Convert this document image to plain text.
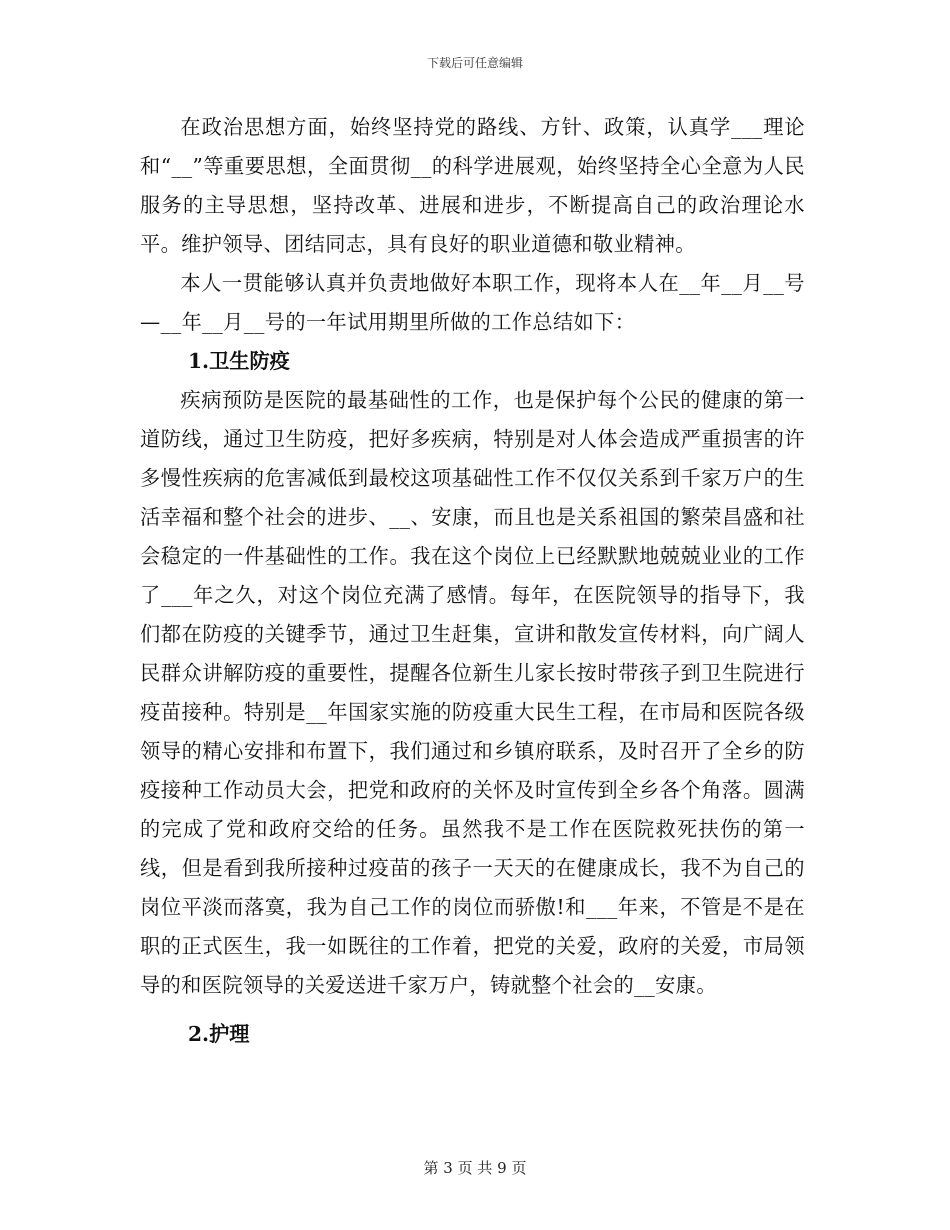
下载后可任意编辑

在政治思想方面，始终坚持党的路线、方针、政策，认真学___理论和“__”等重要思想，全面贯彻__的科学进展观，始终坚持全心全意为人民服务的主导思想，坚持改革、进展和进步，不断提高自己的政治理论水平。维护领导、团结同志，具有良好的职业道德和敬业精神。

本人一贯能够认真并负责地做好本职工作，现将本人在__年__月__号—__年__月__号的一年试用期里所做的工作总结如下：

1.卫生防疫

疾病预防是医院的最基础性的工作，也是保护每个公民的健康的第一道防线，通过卫生防疫，把好多疾病，特别是对人体会造成严重损害的许多慢性疾病的危害减低到最校这项基础性工作不仅仅关系到千家万户的生活幸福和整个社会的进步、__、安康，而且也是关系祖国的繁荣昌盛和社会稳定的一件基础性的工作。我在这个岗位上已经默默地兢兢业业的工作了___年之久，对这个岗位充满了感情。每年，在医院领导的指导下，我们都在防疫的关键季节，通过卫生赶集，宣讲和散发宣传材料，向广阔人民群众讲解防疫的重要性，提醒各位新生儿家长按时带孩子到卫生院进行疫苗接种。特别是__年国家实施的防疫重大民生工程，在市局和医院各级领导的精心安排和布置下，我们通过和乡镇府联系，及时召开了全乡的防疫接种工作动员大会，把党和政府的关怀及时宣传到全乡各个角落。圆满的完成了党和政府交给的任务。虽然我不是工作在医院救死扶伤的第一线，但是看到我所接种过疫苗的孩子一天天的在健康成长，我不为自己的岗位平淡而落寞，我为自己工作的岗位而骄傲!和___年来，不管是不是在职的正式医生，我一如既往的工作着，把党的关爱，政府的关爱，市局领导的和医院领导的关爱送进千家万户，铸就整个社会的__安康。

2.护理

第 3 页 共 9 页
